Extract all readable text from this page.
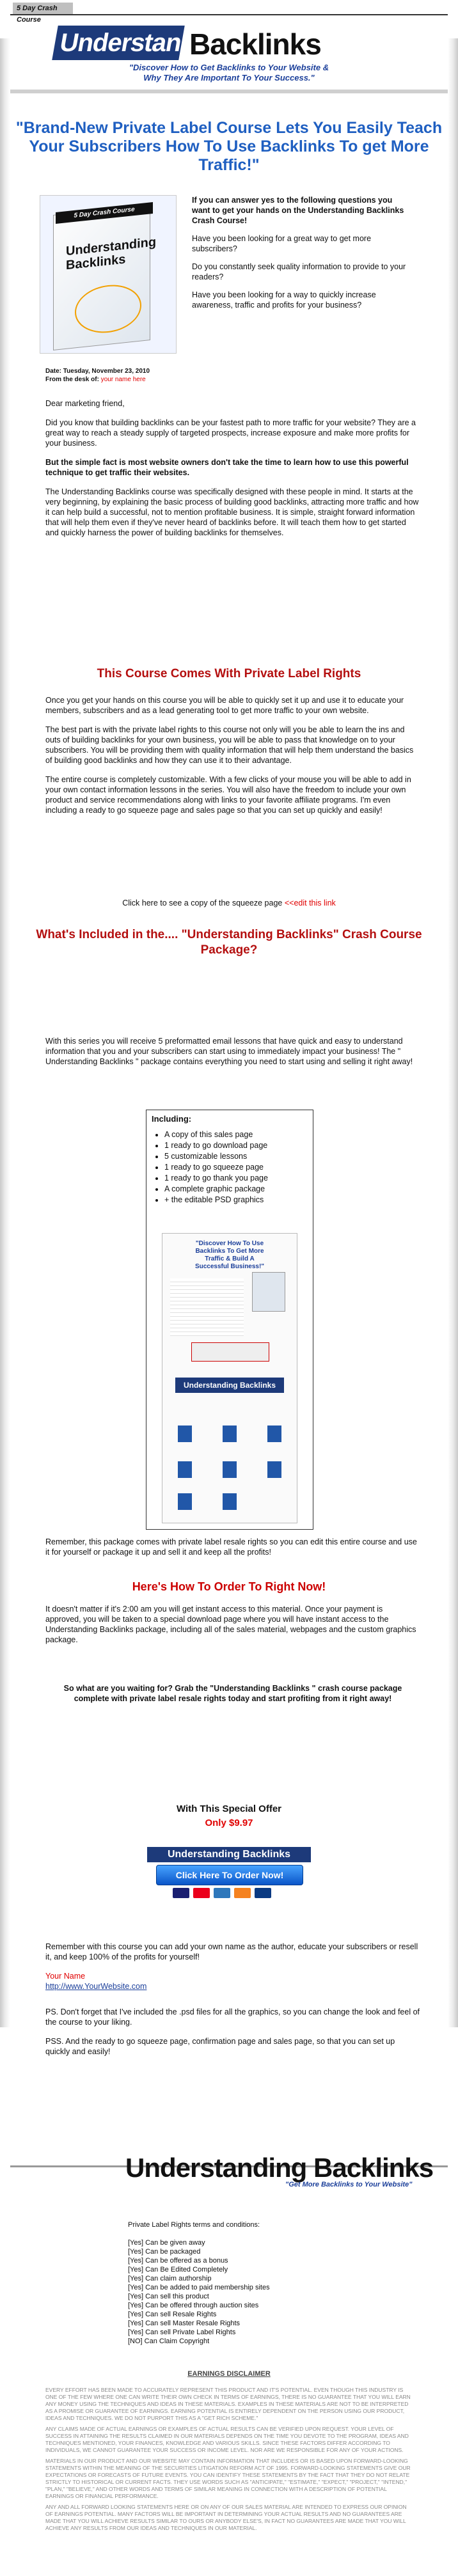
5 Day Crash Course
Understanding
Backlinks
"Discover How to Get Backlinks to Your Website &
Why They Are Important To Your Success."
"Brand-New Private Label Course Lets You Easily Teach Your Subscribers How To Use Backlinks To get More Traffic!"
5 Day Crash Course
Understanding Backlinks

If you can answer yes to the following questions you want to get your hands on the Understanding Backlinks Crash Course!

Have you been looking for a great way to get more subscribers?

Do you constantly seek quality information to provide to your readers?

Have you been looking for a way to quickly increase awareness, traffic and profits for your business?

Date: Tuesday, November 23, 2010
From the desk of: your name here

Dear marketing friend,

Did you know that building backlinks can be your fastest path to more traffic for your website? They are a great way to reach a steady supply of targeted prospects, increase exposure and make more profits for your business.

But the simple fact is most website owners don't take the time to learn how to use this powerful technique to get traffic their websites.

The Understanding Backlinks course was specifically designed with these people in mind. It starts at the very beginning, by explaining the basic process of building good backlinks, attracting more traffic and how it can help build a successful, not to mention profitable business. It is simple, straight forward information that will help them even if they've never heard of backlinks before. It will teach them how to get started and quickly harness the power of building backlinks for themselves.

This Course Comes With Private Label Rights

Once you get your hands on this course you will be able to quickly set it up and use it to educate your members, subscribers and as a lead generating tool to get more traffic to your own website.

The best part is with the private label rights to this course not only will you be able to learn the ins and outs of building backlinks for your own business, you will be able to pass that knowledge on to your subscribers. You will be providing them with quality information that will help them understand the basics of building good backlinks and how they can use it to their advantage.

The entire course is completely customizable. With a few clicks of your mouse you will be able to add in your own contact information lessons in the series. You will also have the freedom to include your own product and service recommendations along with links to your favorite affiliate programs. I'm even including a ready to go squeeze page and sales page so that you can set up quickly and easily!

Click here to see a copy of the squeeze page <<edit this link
What's Included in the.... "Understanding Backlinks" Crash Course Package?

With this series you will receive 5 preformatted email lessons that have quick and easy to understand information that you and your subscribers can start using to immediately impact your business! The " Understanding Backlinks " package contains everything you need to start using and selling it right away!

Including:
• A copy of this sales page
• 1 ready to go download page
• 5 customizable lessons
• 1 ready to go squeeze page
• 1 ready to go thank you page
• A complete graphic package
• + the editable PSD graphics
"Discover How To Use Backlinks To Get More Traffic & Build A Successful Business!"
Understanding Backlinks

Remember, this package comes with private label resale rights so you can edit this entire course and use it for yourself or package it up and sell it and keep all the profits!

Here's How To Order To Right Now!

It doesn't matter if it's 2:00 am you will get instant access to this material. Once your payment is approved, you will be taken to a special download page where you will have instant access to the Understanding Backlinks package, including all of the sales material, webpages and the custom graphics package.

So what are you waiting for? Grab the "Understanding Backlinks " crash course package complete with private label resale rights today and start profiting from it right away!

With This Special Offer
Only $9.97
Understanding Backlinks
Click Here To Order Now!

Remember with this course you can add your own name as the author, educate your subscribers or resell it, and keep 100% of the profits for yourself!

Your Name
http://www.YourWebsite.com

PS. Don't forget that I've included the .psd files for all the graphics, so you can change the look and feel of the course to your liking.

PSS. And the ready to go squeeze page, confirmation page and sales page, so that you can set up quickly and easily!

Understanding Backlinks
"Get More Backlinks to Your Website"
Private Label Rights terms and conditions:
[Yes] Can be given away
[Yes] Can be packaged
[Yes] Can be offered as a bonus
[Yes] Can Be Edited Completely
[Yes] Can claim authorship
[Yes] Can be added to paid membership sites
[Yes] Can sell this product
[Yes] Can be offered through auction sites
[Yes] Can sell Resale Rights
[Yes] Can sell Master Resale Rights
[Yes] Can sell Private Label Rights
[NO] Can Claim Copyright
EARNINGS DISCLAIMER

EVERY EFFORT HAS BEEN MADE TO ACCURATELY REPRESENT THIS PRODUCT AND IT'S POTENTIAL. EVEN THOUGH THIS INDUSTRY IS ONE OF THE FEW WHERE ONE CAN WRITE THEIR OWN CHECK IN TERMS OF EARNINGS, THERE IS NO GUARANTEE THAT YOU WILL EARN ANY MONEY USING THE TECHNIQUES AND IDEAS IN THESE MATERIALS. EXAMPLES IN THESE MATERIALS ARE NOT TO BE INTERPRETED AS A PROMISE OR GUARANTEE OF EARNINGS. EARNING POTENTIAL IS ENTIRELY DEPENDENT ON THE PERSON USING OUR PRODUCT, IDEAS AND TECHNIQUES. WE DO NOT PURPORT THIS AS A "GET RICH SCHEME."

ANY CLAIMS MADE OF ACTUAL EARNINGS OR EXAMPLES OF ACTUAL RESULTS CAN BE VERIFIED UPON REQUEST. YOUR LEVEL OF SUCCESS IN ATTAINING THE RESULTS CLAIMED IN OUR MATERIALS DEPENDS ON THE TIME YOU DEVOTE TO THE PROGRAM, IDEAS AND TECHNIQUES MENTIONED, YOUR FINANCES, KNOWLEDGE AND VARIOUS SKILLS. SINCE THESE FACTORS DIFFER ACCORDING TO INDIVIDUALS, WE CANNOT GUARANTEE YOUR SUCCESS OR INCOME LEVEL. NOR ARE WE RESPONSIBLE FOR ANY OF YOUR ACTIONS.

MATERIALS IN OUR PRODUCT AND OUR WEBSITE MAY CONTAIN INFORMATION THAT INCLUDES OR IS BASED UPON FORWARD-LOOKING STATEMENTS WITHIN THE MEANING OF THE SECURITIES LITIGATION REFORM ACT OF 1995. FORWARD-LOOKING STATEMENTS GIVE OUR EXPECTATIONS OR FORECASTS OF FUTURE EVENTS. YOU CAN IDENTIFY THESE STATEMENTS BY THE FACT THAT THEY DO NOT RELATE STRICTLY TO HISTORICAL OR CURRENT FACTS. THEY USE WORDS SUCH AS "ANTICIPATE," "ESTIMATE," "EXPECT," "PROJECT," "INTEND," "PLAN," "BELIEVE," AND OTHER WORDS AND TERMS OF SIMILAR MEANING IN CONNECTION WITH A DESCRIPTION OF POTENTIAL EARNINGS OR FINANCIAL PERFORMANCE.

ANY AND ALL FORWARD LOOKING STATEMENTS HERE OR ON ANY OF OUR SALES MATERIAL ARE INTENDED TO EXPRESS OUR OPINION OF EARNINGS POTENTIAL. MANY FACTORS WILL BE IMPORTANT IN DETERMINING YOUR ACTUAL RESULTS AND NO GUARANTEES ARE MADE THAT YOU WILL ACHIEVE RESULTS SIMILAR TO OURS OR ANYBODY ELSE'S, IN FACT NO GUARANTEES ARE MADE THAT YOU WILL ACHIEVE ANY RESULTS FROM OUR IDEAS AND TECHNIQUES IN OUR MATERIAL.
